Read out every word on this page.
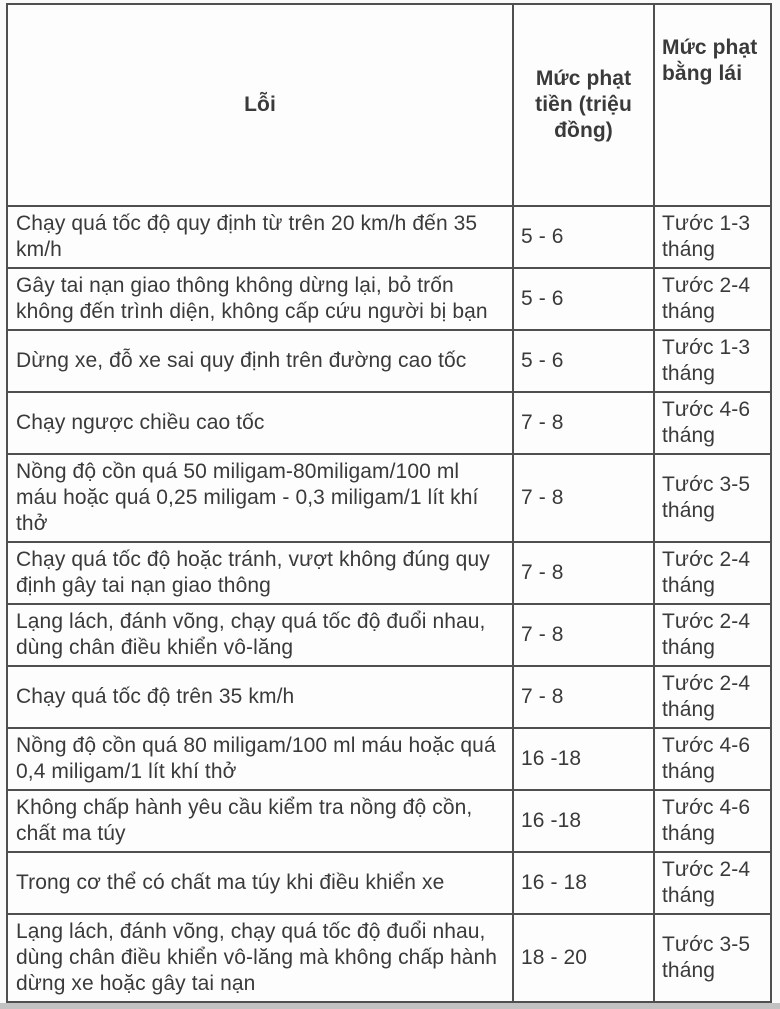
Lỗi	Mức phạt tiền (triệu đồng)	Mức phạt bằng lái
Chạy quá tốc độ quy định từ trên 20 km/h đến 35 km/h	5 - 6	Tước 1-3 tháng
Gây tai nạn giao thông không dừng lại, bỏ trốn không đến trình diện, không cấp cứu người bị bạn	5 - 6	Tước 2-4 tháng
Dừng xe, đỗ xe sai quy định trên đường cao tốc	5 - 6	Tước 1-3 tháng
Chạy ngược chiều cao tốc	7 - 8	Tước 4-6 tháng
Nồng độ cồn quá 50 miligam-80miligam/100 ml máu hoặc quá 0,25 miligam - 0,3 miligam/1 lít khí thở	7 - 8	Tước 3-5 tháng
Chạy quá tốc độ hoặc tránh, vượt không đúng quy định gây tai nạn giao thông	7 - 8	Tước 2-4 tháng
Lạng lách, đánh võng, chạy quá tốc độ đuổi nhau, dùng chân điều khiển vô-lăng	7 - 8	Tước 2-4 tháng
Chạy quá tốc độ trên 35 km/h	7 - 8	Tước 2-4 tháng
Nồng độ cồn quá 80 miligam/100 ml máu hoặc quá 0,4 miligam/1 lít khí thở	16 -18	Tước 4-6 tháng
Không chấp hành yêu cầu kiểm tra nồng độ cồn, chất ma túy	16 -18	Tước 4-6 tháng
Trong cơ thể có chất ma túy khi điều khiển xe	16 - 18	Tước 2-4 tháng
Lạng lách, đánh võng, chạy quá tốc độ đuổi nhau, dùng chân điều khiển vô-lăng mà không chấp hành dừng xe hoặc gây tai nạn	18 - 20	Tước 3-5 tháng
